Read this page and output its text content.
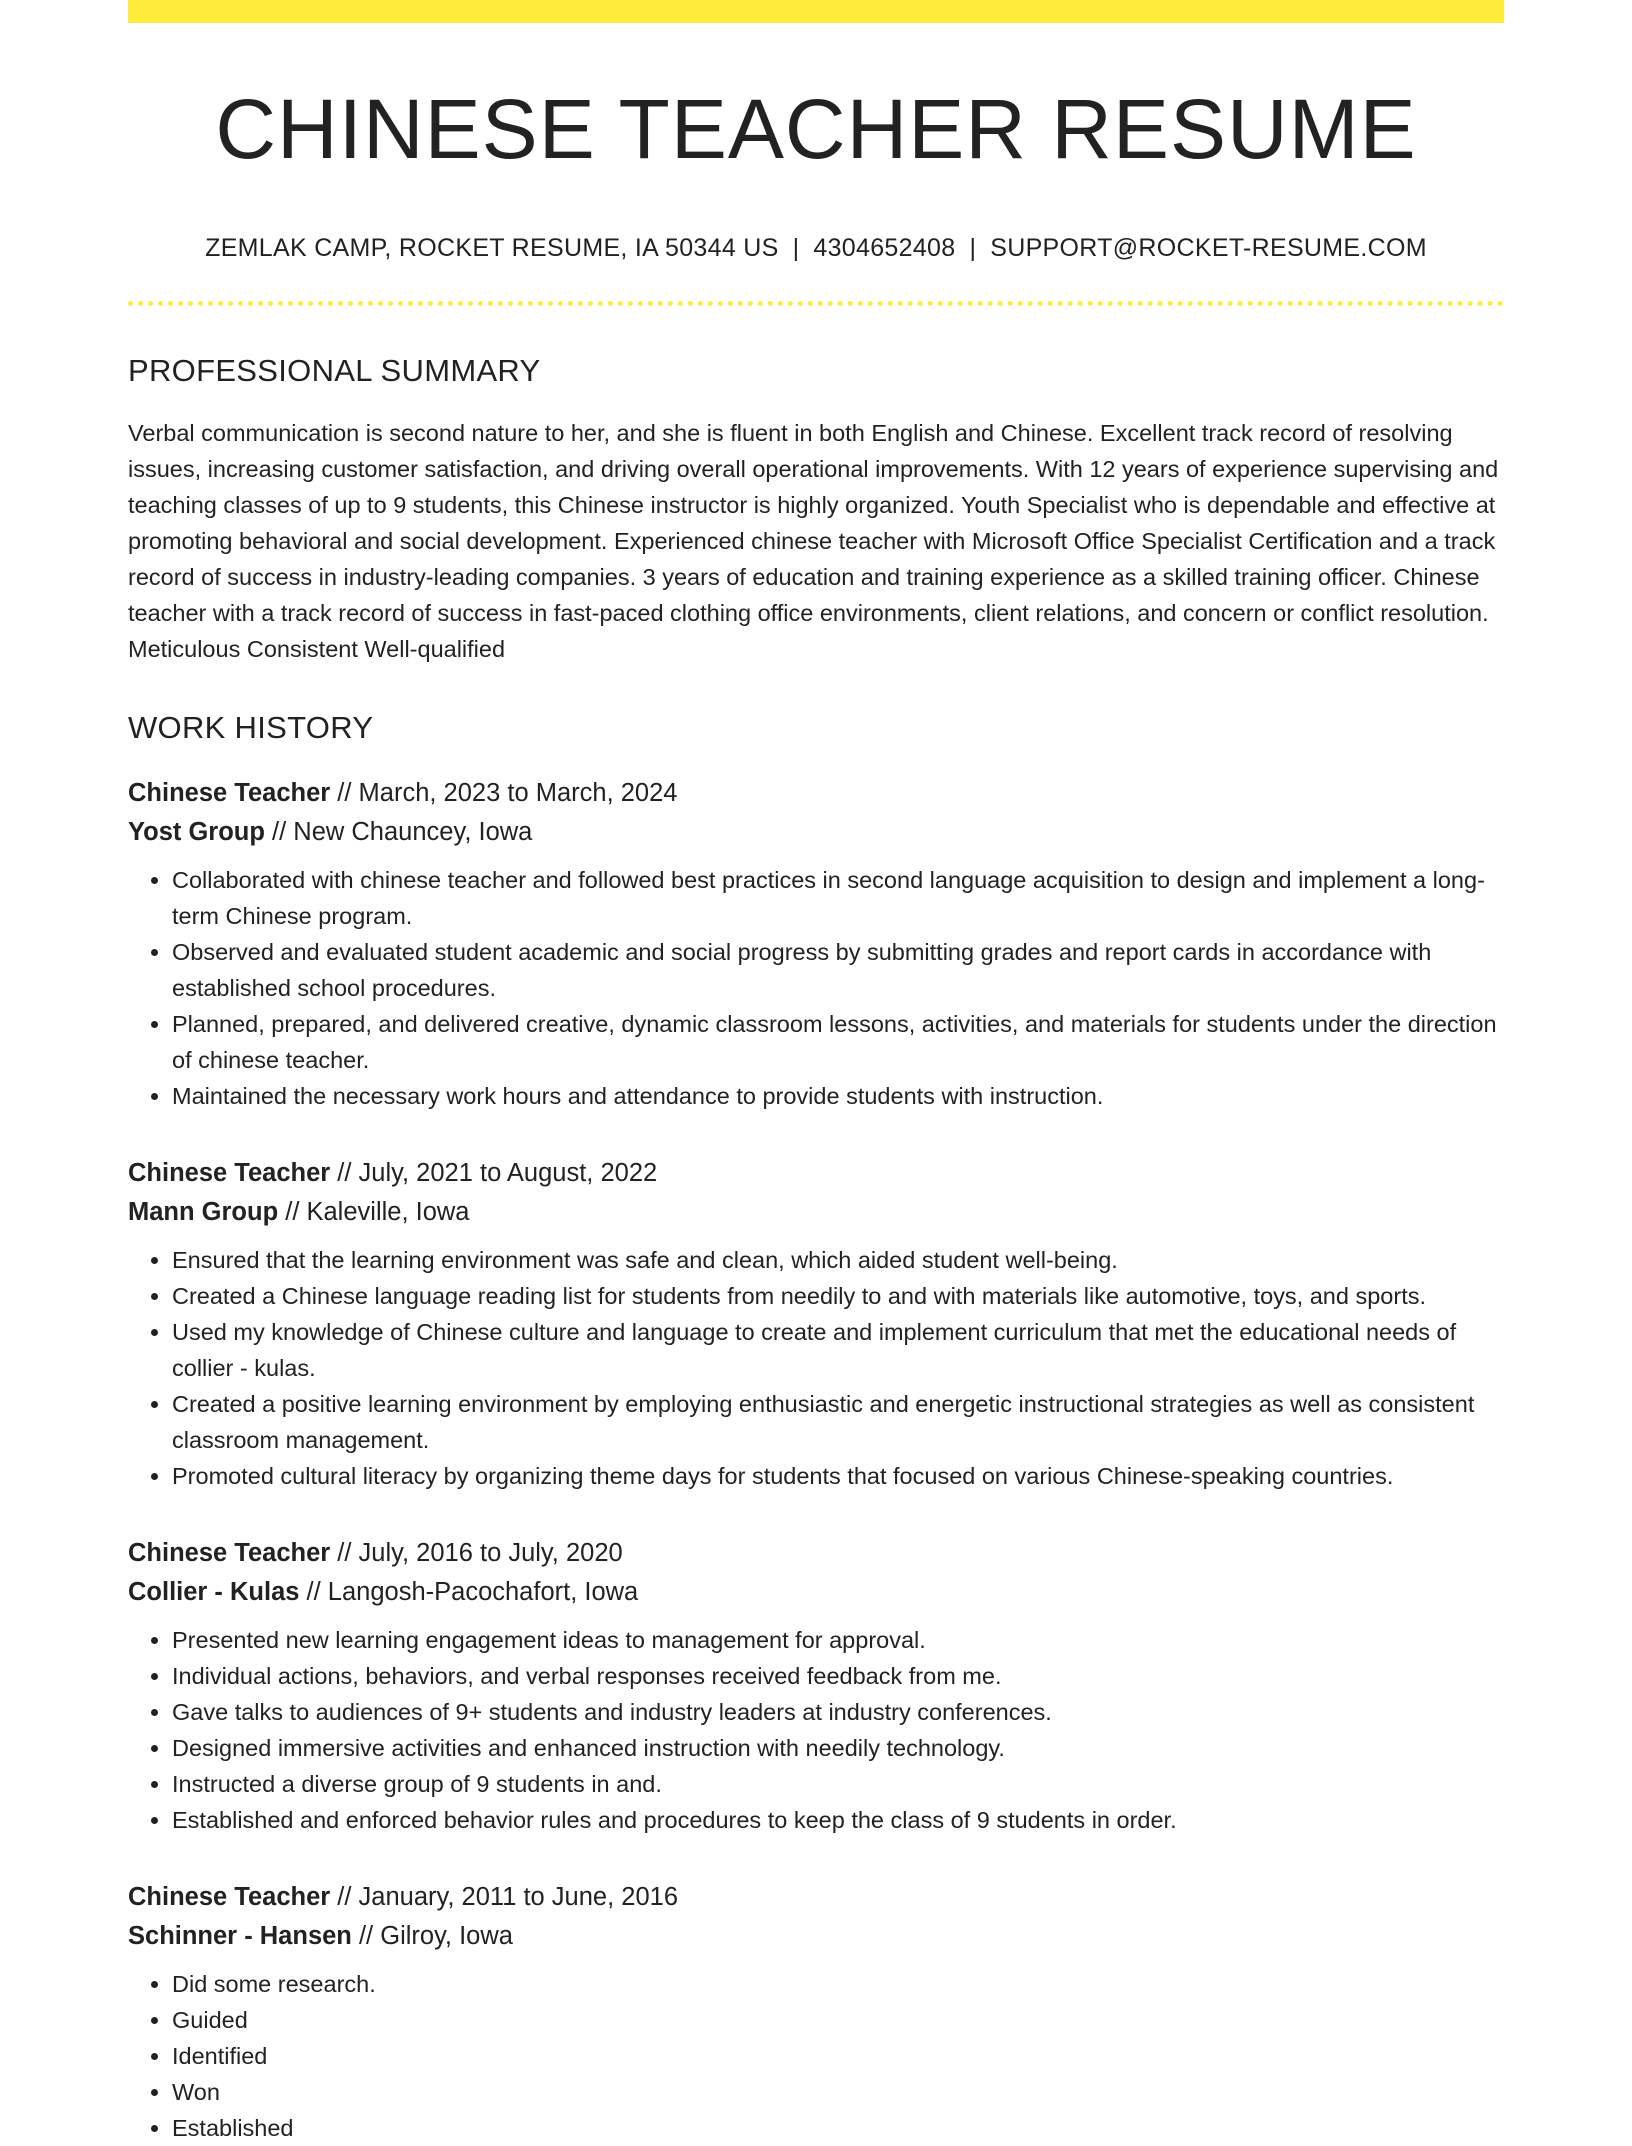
CHINESE TEACHER RESUME
ZEMLAK CAMP, ROCKET RESUME, IA 50344 US | 4304652408 | SUPPORT@ROCKET-RESUME.COM
PROFESSIONAL SUMMARY

Verbal communication is second nature to her, and she is fluent in both English and Chinese. Excellent track record of resolving issues, increasing customer satisfaction, and driving overall operational improvements. With 12 years of experience supervising and teaching classes of up to 9 students, this Chinese instructor is highly organized. Youth Specialist who is dependable and effective at promoting behavioral and social development. Experienced chinese teacher with Microsoft Office Specialist Certification and a track record of success in industry-leading companies. 3 years of education and training experience as a skilled training officer. Chinese teacher with a track record of success in fast-paced clothing office environments, client relations, and concern or conflict resolution. Meticulous Consistent Well-qualified

WORK HISTORY
Chinese Teacher // March, 2023 to March, 2024
Yost Group // New Chauncey, Iowa
• Collaborated with chinese teacher and followed best practices in second language acquisition to design and implement a long-term Chinese program.
• Observed and evaluated student academic and social progress by submitting grades and report cards in accordance with established school procedures.
• Planned, prepared, and delivered creative, dynamic classroom lessons, activities, and materials for students under the direction of chinese teacher.
• Maintained the necessary work hours and attendance to provide students with instruction.
Chinese Teacher // July, 2021 to August, 2022
Mann Group // Kaleville, Iowa
• Ensured that the learning environment was safe and clean, which aided student well-being.
• Created a Chinese language reading list for students from needily to and with materials like automotive, toys, and sports.
• Used my knowledge of Chinese culture and language to create and implement curriculum that met the educational needs of collier - kulas.
• Created a positive learning environment by employing enthusiastic and energetic instructional strategies as well as consistent classroom management.
• Promoted cultural literacy by organizing theme days for students that focused on various Chinese-speaking countries.
Chinese Teacher // July, 2016 to July, 2020
Collier - Kulas // Langosh-Pacochafort, Iowa
• Presented new learning engagement ideas to management for approval.
• Individual actions, behaviors, and verbal responses received feedback from me.
• Gave talks to audiences of 9+ students and industry leaders at industry conferences.
• Designed immersive activities and enhanced instruction with needily technology.
• Instructed a diverse group of 9 students in and.
• Established and enforced behavior rules and procedures to keep the class of 9 students in order.
Chinese Teacher // January, 2011 to June, 2016
Schinner - Hansen // Gilroy, Iowa
• Did some research.
• Guided
• Identified
• Won
• Established
